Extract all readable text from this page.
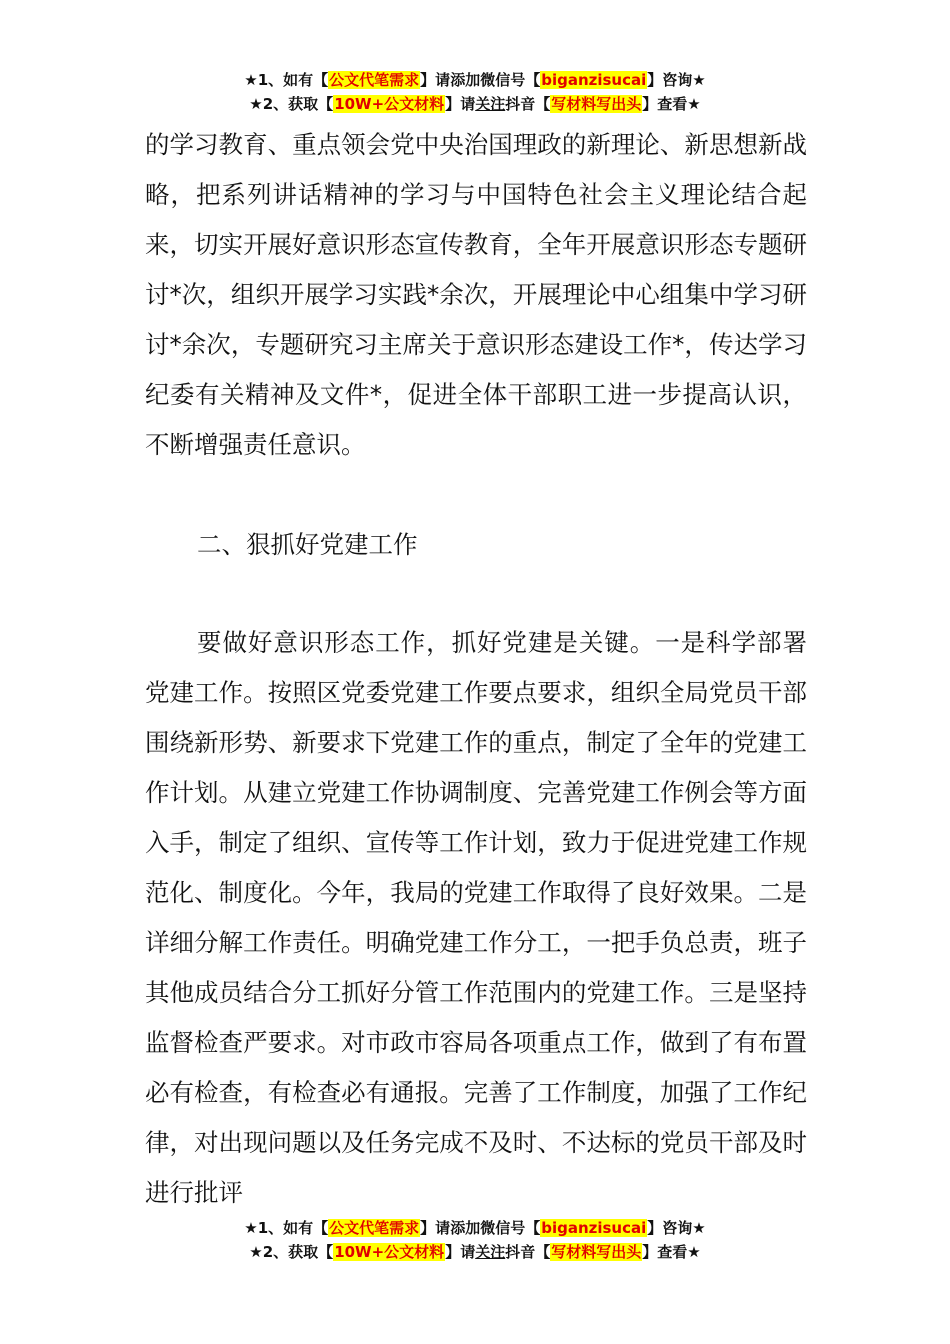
★1、如有【公文代笔需求】请添加微信号【biganzisucai】咨询★
★2、获取【10W+公文材料】请关注抖音【写材料写出头】查看★

的学习教育、重点领会党中央治国理政的新理论、新思想新战略，把系列讲话精神的学习与中国特色社会主义理论结合起来，切实开展好意识形态宣传教育，全年开展意识形态专题研讨*次，组织开展学习实践*余次，开展理论中心组集中学习研讨*余次，专题研究习主席关于意识形态建设工作*，传达学习纪委有关精神及文件*，促进全体干部职工进一步提高认识，不断增强责任意识。

二、狠抓好党建工作

要做好意识形态工作，抓好党建是关键。一是科学部署党建工作。按照区党委党建工作要点要求，组织全局党员干部围绕新形势、新要求下党建工作的重点，制定了全年的党建工作计划。从建立党建工作协调制度、完善党建工作例会等方面入手，制定了组织、宣传等工作计划，致力于促进党建工作规范化、制度化。今年，我局的党建工作取得了良好效果。二是详细分解工作责任。明确党建工作分工，一把手负总责，班子其他成员结合分工抓好分管工作范围内的党建工作。三是坚持监督检查严要求。对市政市容局各项重点工作，做到了有布置必有检查，有检查必有通报。完善了工作制度，加强了工作纪律，对出现问题以及任务完成不及时、不达标的党员干部及时进行批评

★1、如有【公文代笔需求】请添加微信号【biganzisucai】咨询★
★2、获取【10W+公文材料】请关注抖音【写材料写出头】查看★
